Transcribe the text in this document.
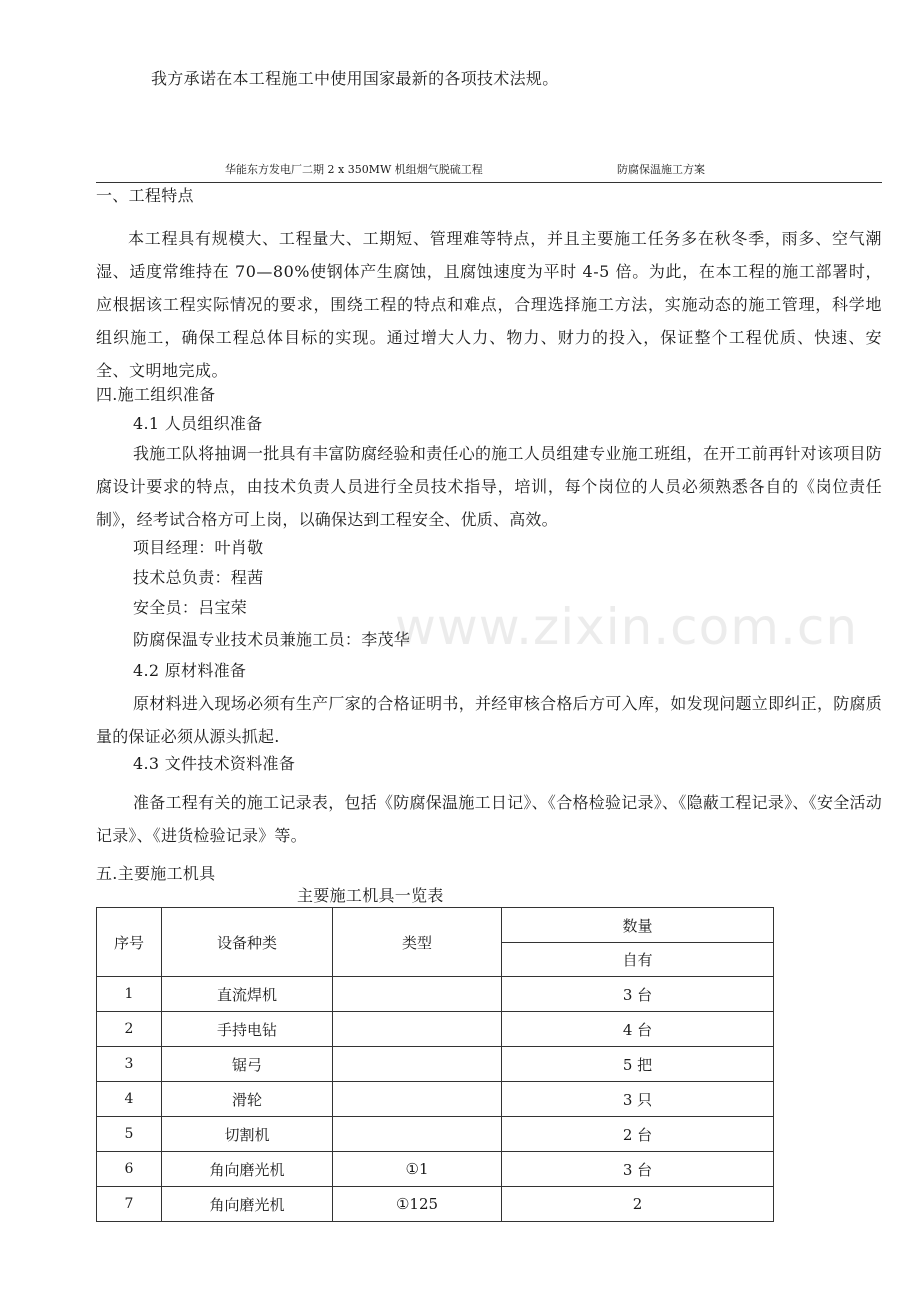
我方承诺在本工程施工中使用国家最新的各项技术法规。
华能东方发电厂二期 2 x 350MW 机组烟气脱硫工程	防腐保温施工方案
一、工程特点
本工程具有规模大、工程量大、工期短、管理难等特点，并且主要施工任务多在秋冬季，雨多、空气潮湿、适度常维持在 70—80%使钢体产生腐蚀，且腐蚀速度为平时 4-5 倍。为此，在本工程的施工部署时，应根据该工程实际情况的要求，围绕工程的特点和难点，合理选择施工方法，实施动态的施工管理，科学地组织施工，确保工程总体目标的实现。通过增大人力、物力、财力的投入，保证整个工程优质、快速、安全、文明地完成。
四.施工组织准备
4.1 人员组织准备
我施工队将抽调一批具有丰富防腐经验和责任心的施工人员组建专业施工班组，在开工前再针对该项目防腐设计要求的特点，由技术负责人员进行全员技术指导，培训，每个岗位的人员必须熟悉各自的《岗位责任制》，经考试合格方可上岗，以确保达到工程安全、优质、高效。
项目经理：叶肖敬
技术总负责：程茜
安全员：吕宝荣
防腐保温专业技术员兼施工员：李茂华
4.2 原材料准备
原材料进入现场必须有生产厂家的合格证明书，并经审核合格后方可入库，如发现问题立即纠正，防腐质量的保证必须从源头抓起.
4.3 文件技术资料准备
准备工程有关的施工记录表，包括《防腐保温施工日记》、《合格检验记录》、《隐蔽工程记录》、《安全活动记录》、《进货检验记录》等。
www.zixin.com.cn
五.主要施工机具
主要施工机具一览表
序号	设备种类	类型	数量
			自有
1	直流焊机		3 台
2	手持电钻		4 台
3	锯弓		5 把
4	滑轮		3 只
5	切割机		2 台
6	角向磨光机	①1	3 台
7	角向磨光机	①125	2
